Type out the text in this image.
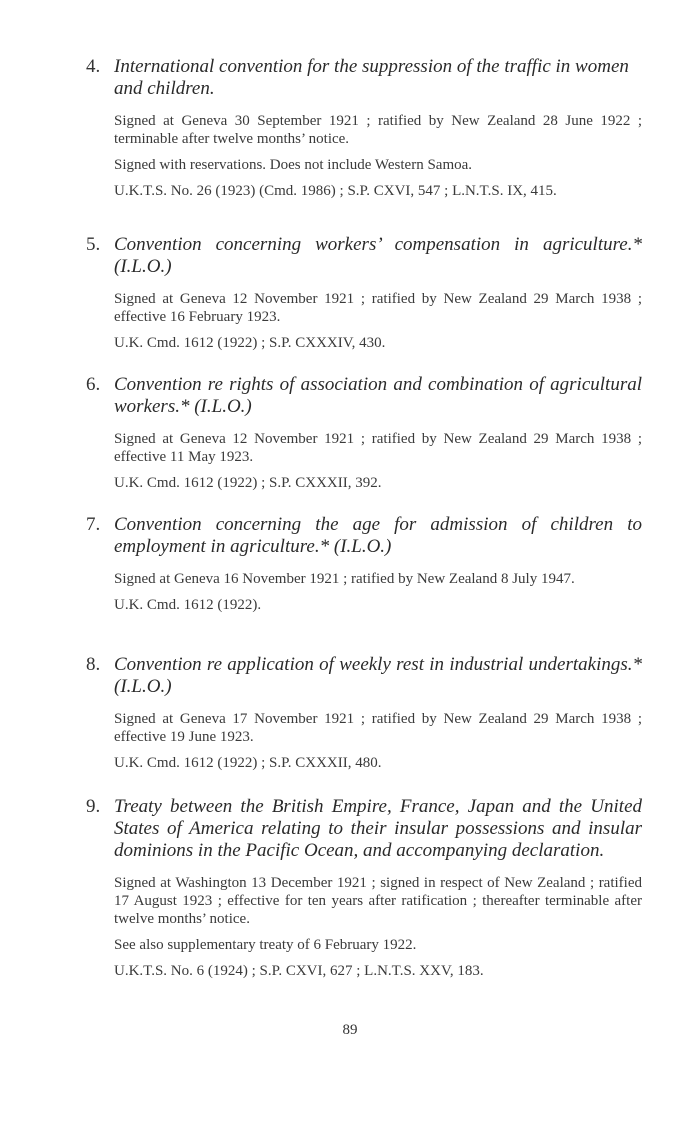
4. International convention for the suppression of the traffic in women and children.

Signed at Geneva 30 September 1921 ; ratified by New Zealand 28 June 1922 ; terminable after twelve months’ notice.

Signed with reservations. Does not include Western Samoa.

U.K.T.S. No. 26 (1923) (Cmd. 1986) ; S.P. CXVI, 547 ; L.N.T.S. IX, 415.

5. Convention concerning workers’ compensation in agriculture.* (I.L.O.)

Signed at Geneva 12 November 1921 ; ratified by New Zealand 29 March 1938 ; effective 16 February 1923.

U.K. Cmd. 1612 (1922) ; S.P. CXXXIV, 430.

6. Convention re rights of association and combination of agricultural workers.* (I.L.O.)

Signed at Geneva 12 November 1921 ; ratified by New Zealand 29 March 1938 ; effective 11 May 1923.

U.K. Cmd. 1612 (1922) ; S.P. CXXXII, 392.

7. Convention concerning the age for admission of children to employment in agriculture.* (I.L.O.)

Signed at Geneva 16 November 1921 ; ratified by New Zealand 8 July 1947.

U.K. Cmd. 1612 (1922).

8. Convention re application of weekly rest in industrial undertakings.* (I.L.O.)

Signed at Geneva 17 November 1921 ; ratified by New Zealand 29 March 1938 ; effective 19 June 1923.

U.K. Cmd. 1612 (1922) ; S.P. CXXXII, 480.

9. Treaty between the British Empire, France, Japan and the United States of America relating to their insular possessions and insular dominions in the Pacific Ocean, and accompanying declaration.

Signed at Washington 13 December 1921 ; signed in respect of New Zealand ; ratified 17 August 1923 ; effective for ten years after ratification ; thereafter terminable after twelve months’ notice.

See also supplementary treaty of 6 February 1922.

U.K.T.S. No. 6 (1924) ; S.P. CXVI, 627 ; L.N.T.S. XXV, 183.

89
